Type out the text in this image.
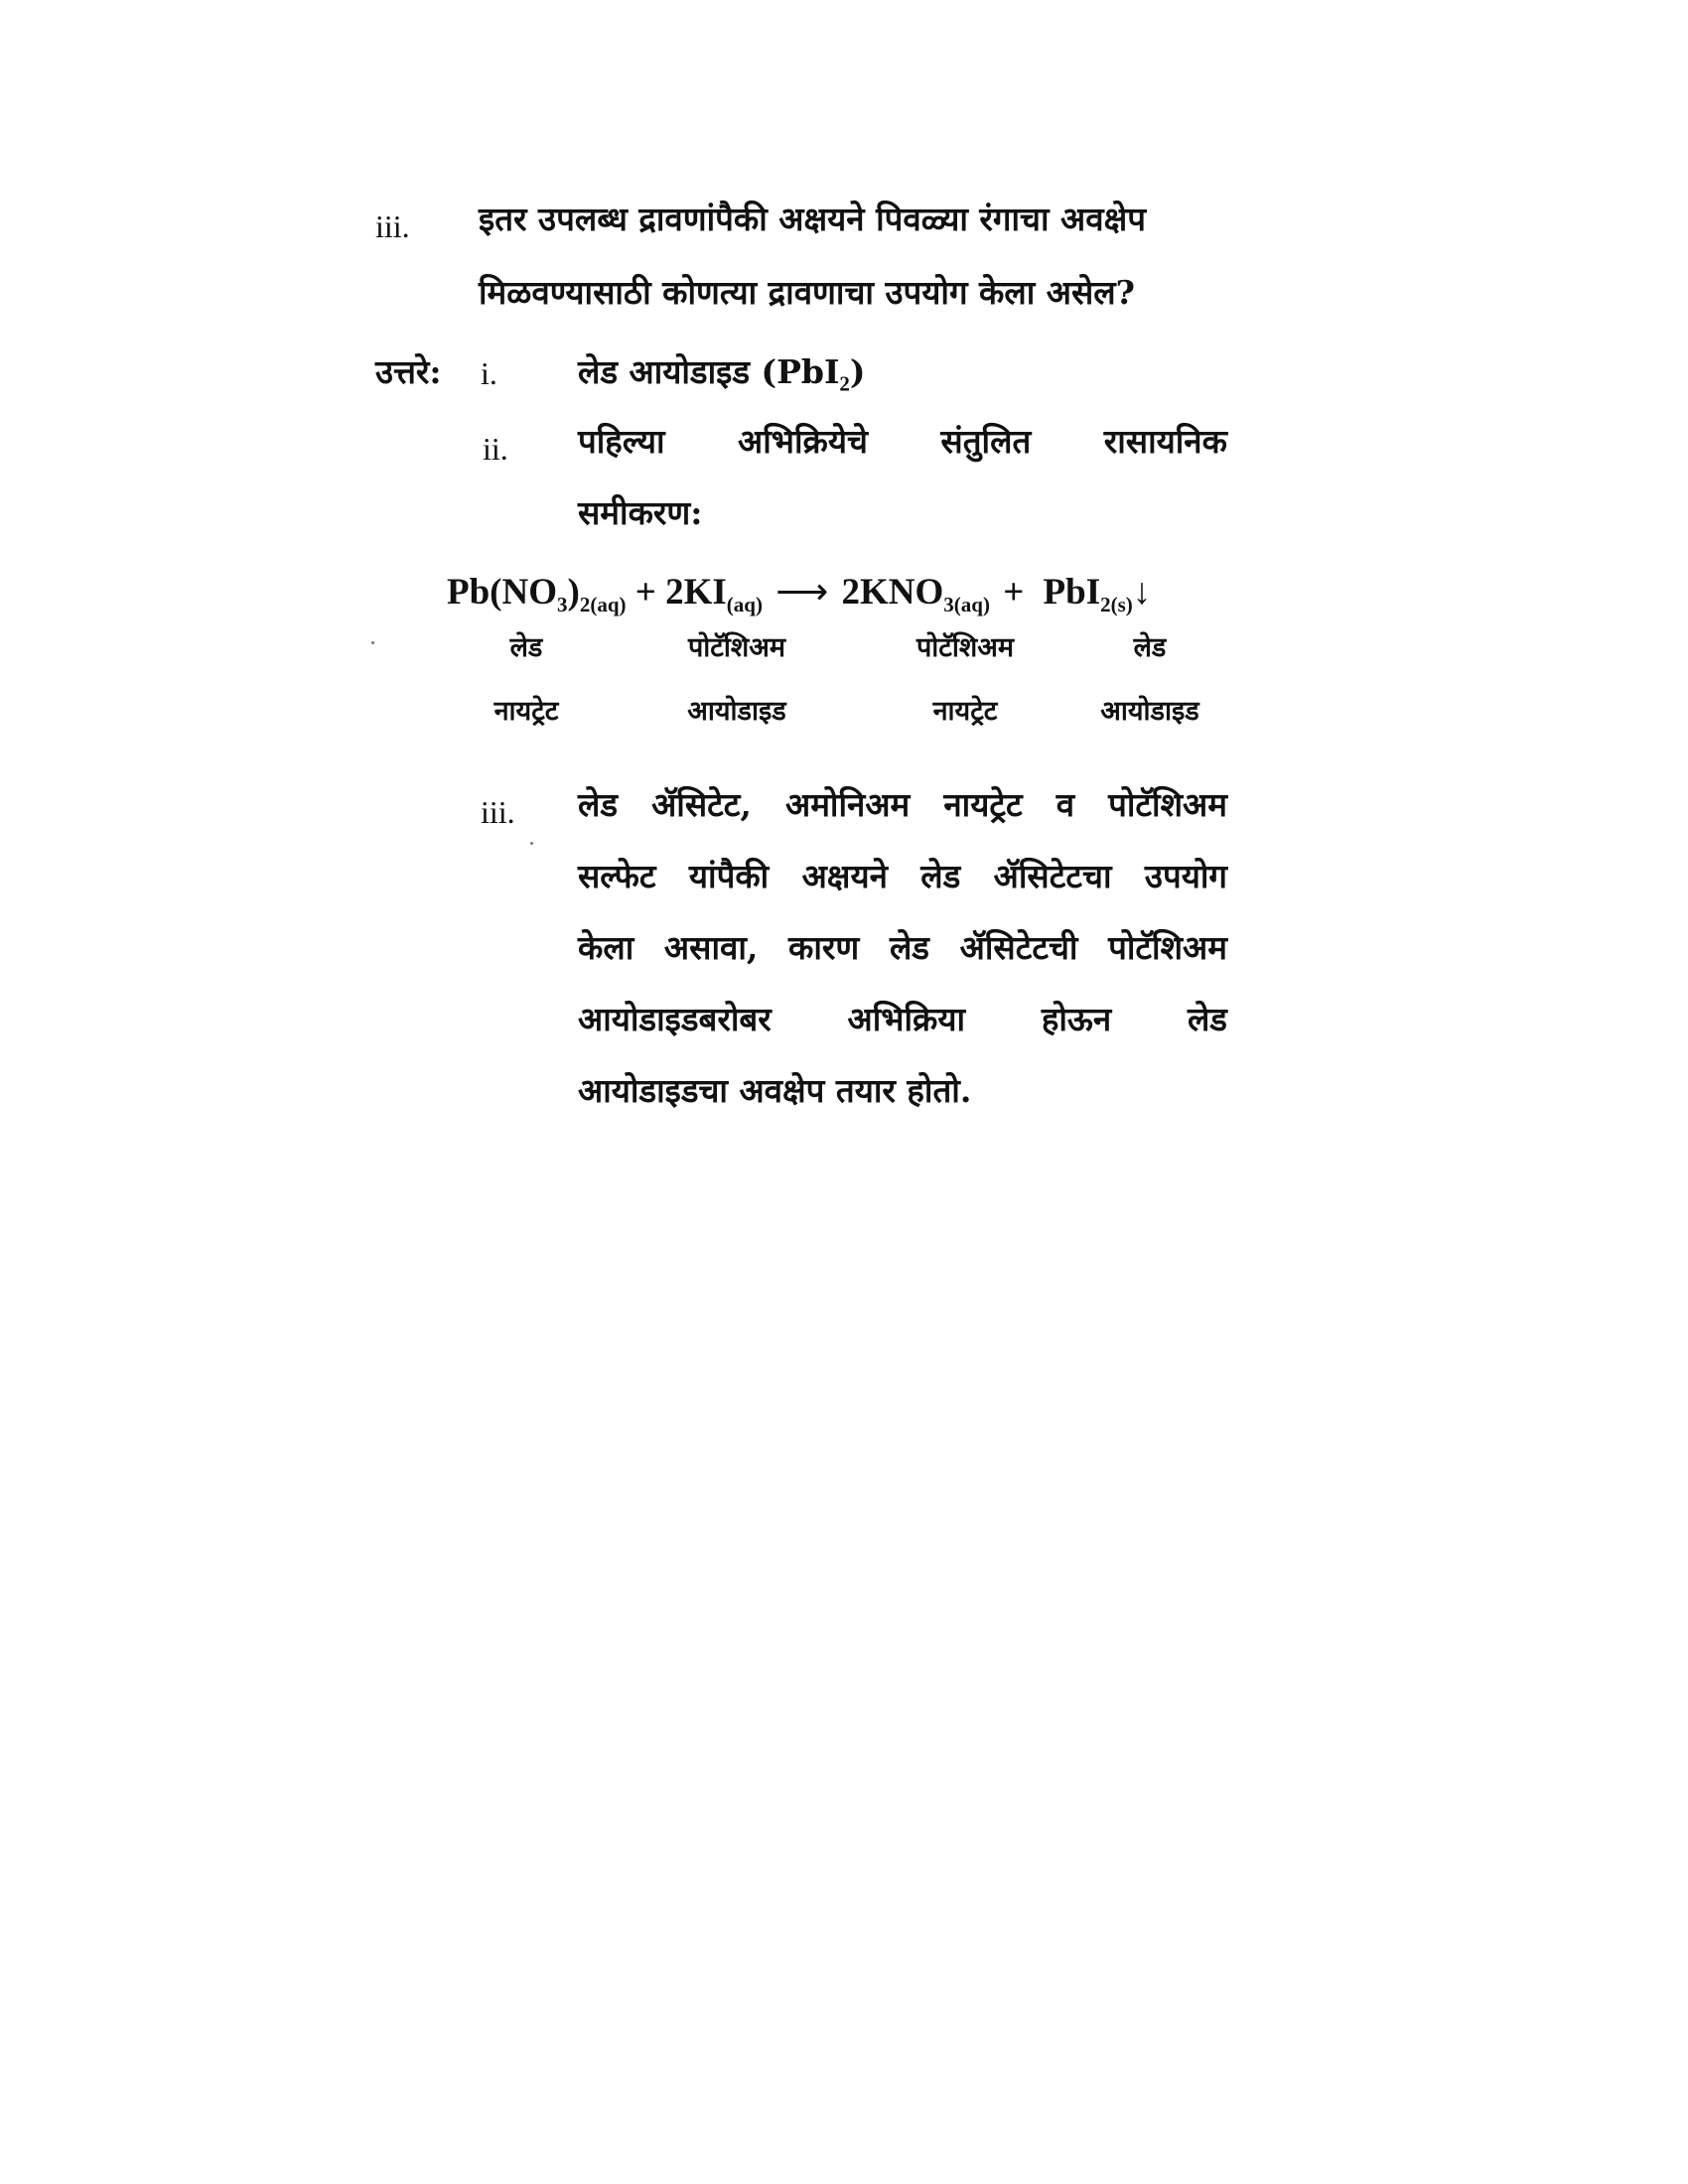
iii. इतर उपलब्ध द्रावणांपैकी अक्षयने पिवळ्या रंगाचा अवक्षेप
मिळवण्यासाठी कोणत्या द्रावणाचा उपयोग केला असेल?
उत्तरे: i. लेड आयोडाइड (PbI$_2$)
ii. पहिल्या अभिक्रियेचे संतुलित रासायनिक
समीकरण:
$Pb(NO_3)_{2(aq)} + 2KI_{(aq)}$ ⟶ $2KNO_{3(aq)}$ + PbI$_{2(s)}$↓
लेड
नायट्रेट
पोटॅशिअम
आयोडाइड
पोटॅशिअम
नायट्रेट
लेड
आयोडाइड
iii. लेड ॲसिटेट, अमोनिअम नायट्रेट व पोटॅशिअम
सल्फेट यांपैकी अक्षयने लेड ॲसिटेटचा उपयोग
केला असावा, कारण लेड ॲसिटेटची पोटॅशिअम
आयोडाइडबरोबर अभिक्रिया होऊन लेड
आयोडाइडचा अवक्षेप तयार होतो.
